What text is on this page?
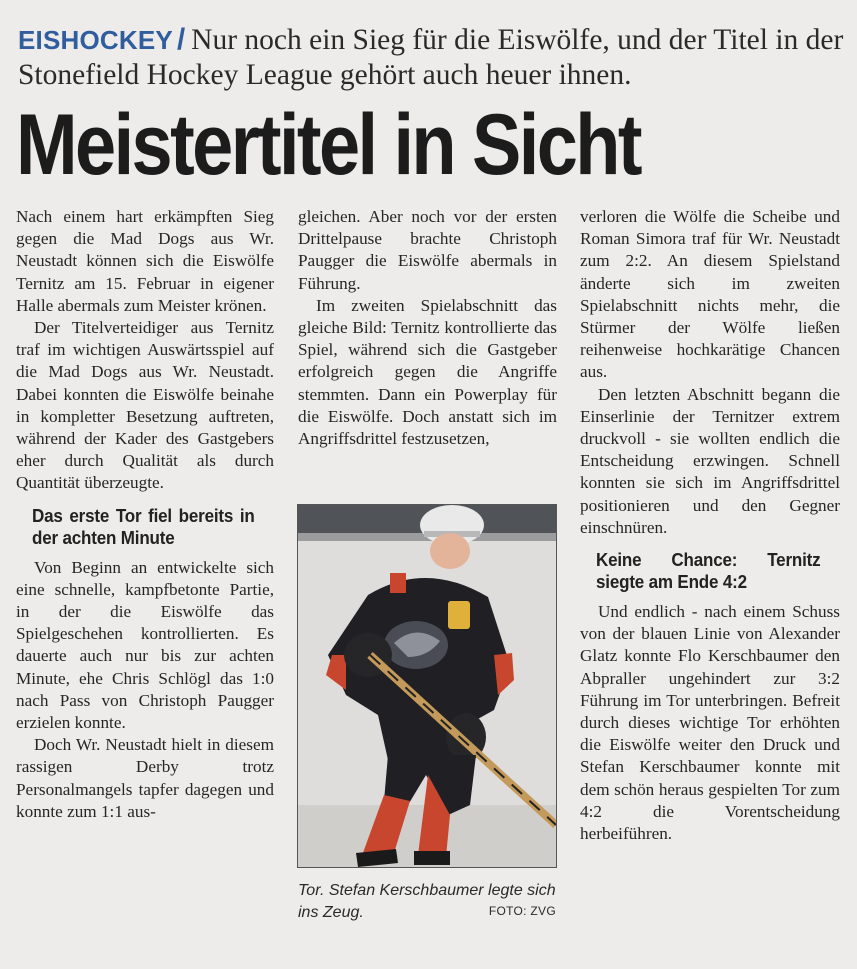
EISHOCKEY / Nur noch ein Sieg für die Eiswölfe, und der Titel in der Stonefield Hockey League gehört auch heuer ihnen.
Meistertitel in Sicht

Nach einem hart erkämpften Sieg gegen die Mad Dogs aus Wr. Neustadt können sich die Eiswölfe Ternitz am 15. Februar in eigener Halle abermals zum Meister krönen.

Der Titelverteidiger aus Ternitz traf im wichtigen Auswärtsspiel auf die Mad Dogs aus Wr. Neustadt. Dabei konnten die Eiswölfe beinahe in kompletter Besetzung auftreten, während der Kader des Gastgebers eher durch Qualität als durch Quantität überzeugte.

Das erste Tor fiel bereits in der achten Minute

Von Beginn an entwickelte sich eine schnelle, kampfbetonte Partie, in der die Eiswölfe das Spielgeschehen kontrollierten. Es dauerte auch nur bis zur achten Minute, ehe Chris Schlögl das 1:0 nach Pass von Christoph Paugger erzielen konnte.

Doch Wr. Neustadt hielt in diesem rassigen Derby trotz Personalmangels tapfer dagegen und konnte zum 1:1 aus-

gleichen. Aber noch vor der ersten Drittelpause brachte Christoph Paugger die Eiswölfe abermals in Führung.

Im zweiten Spielabschnitt das gleiche Bild: Ternitz kontrollierte das Spiel, während sich die Gastgeber erfolgreich gegen die Angriffe stemmten. Dann ein Powerplay für die Eiswölfe. Doch anstatt sich im Angriffsdrittel festzusetzen,

Tor. Stefan Kerschbaumer legte sich ins Zeug.	FOTO: ZVG

verloren die Wölfe die Scheibe und Roman Simora traf für Wr. Neustadt zum 2:2. An diesem Spielstand änderte sich im zweiten Spielabschnitt nichts mehr, die Stürmer der Wölfe ließen reihenweise hochkarätige Chancen aus.

Den letzten Abschnitt begann die Einserlinie der Ternitzer extrem druckvoll - sie wollten endlich die Entscheidung erzwingen. Schnell konnten sie sich im Angriffsdrittel positionieren und den Gegner einschnüren.

Keine Chance: Ternitz siegte am Ende 4:2

Und endlich - nach einem Schuss von der blauen Linie von Alexander Glatz konnte Flo Kerschbaumer den Abpraller ungehindert zur 3:2 Führung im Tor unterbringen. Befreit durch dieses wichtige Tor erhöhten die Eiswölfe weiter den Druck und Stefan Kerschbaumer konnte mit dem schön heraus gespielten Tor zum 4:2 die Vorentscheidung herbeiführen.
